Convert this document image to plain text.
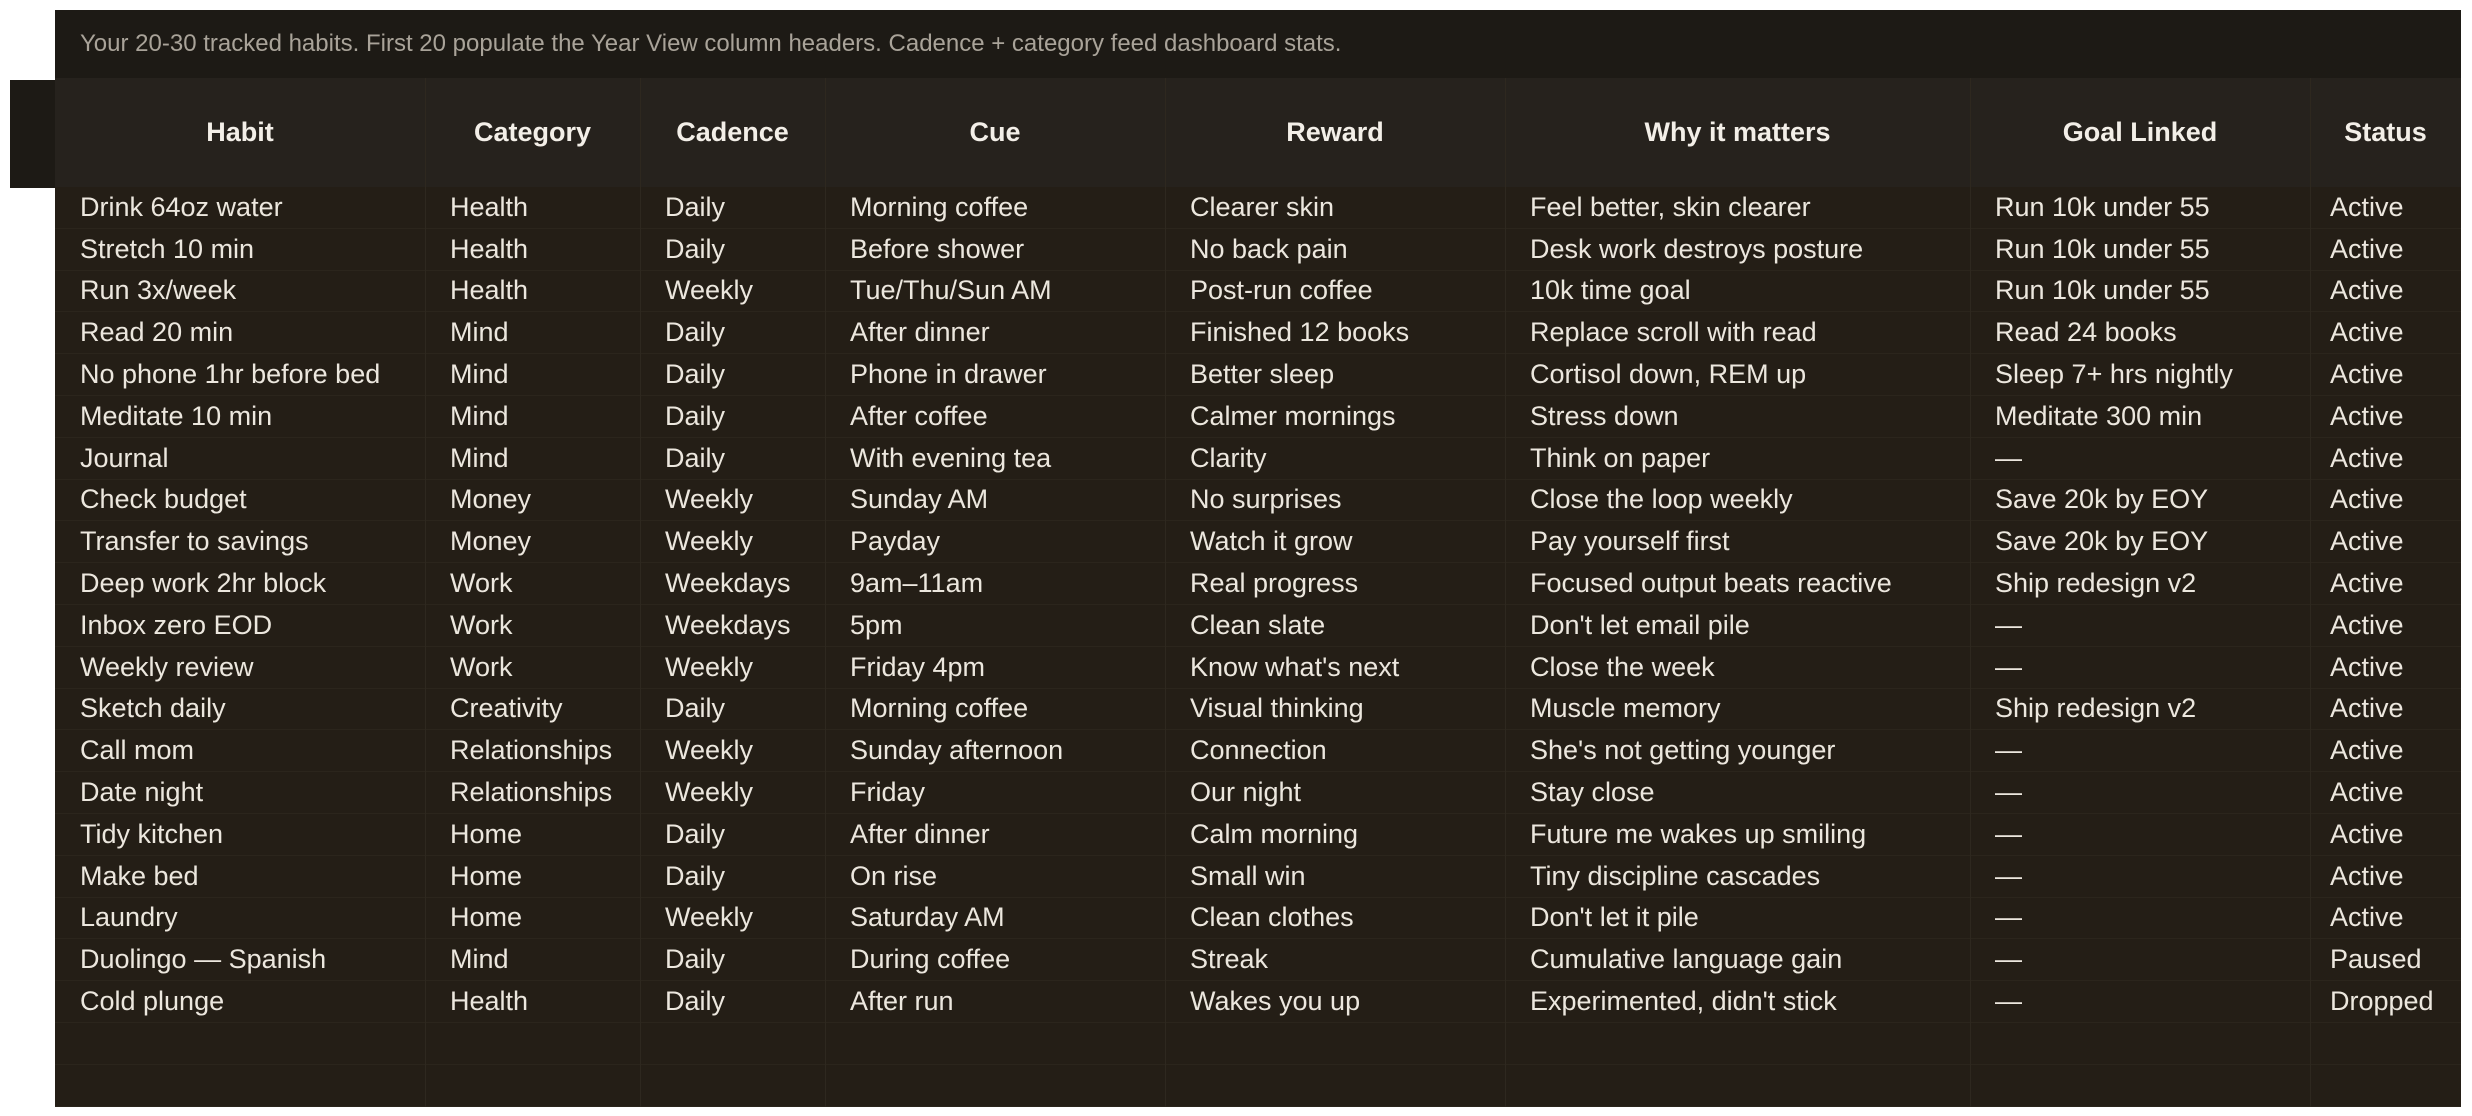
Your 20-30 tracked habits. First 20 populate the Year View column headers. Cadence + category feed dashboard stats.
Habit	Category	Cadence	Cue	Reward	Why it matters	Goal Linked	Status
Drink 64oz water	Health	Daily	Morning coffee	Clearer skin	Feel better, skin clearer	Run 10k under 55	Active
Stretch 10 min	Health	Daily	Before shower	No back pain	Desk work destroys posture	Run 10k under 55	Active
Run 3x/week	Health	Weekly	Tue/Thu/Sun AM	Post-run coffee	10k time goal	Run 10k under 55	Active
Read 20 min	Mind	Daily	After dinner	Finished 12 books	Replace scroll with read	Read 24 books	Active
No phone 1hr before bed	Mind	Daily	Phone in drawer	Better sleep	Cortisol down, REM up	Sleep 7+ hrs nightly	Active
Meditate 10 min	Mind	Daily	After coffee	Calmer mornings	Stress down	Meditate 300 min	Active
Journal	Mind	Daily	With evening tea	Clarity	Think on paper	—	Active
Check budget	Money	Weekly	Sunday AM	No surprises	Close the loop weekly	Save 20k by EOY	Active
Transfer to savings	Money	Weekly	Payday	Watch it grow	Pay yourself first	Save 20k by EOY	Active
Deep work 2hr block	Work	Weekdays	9am–11am	Real progress	Focused output beats reactive	Ship redesign v2	Active
Inbox zero EOD	Work	Weekdays	5pm	Clean slate	Don't let email pile	—	Active
Weekly review	Work	Weekly	Friday 4pm	Know what's next	Close the week	—	Active
Sketch daily	Creativity	Daily	Morning coffee	Visual thinking	Muscle memory	Ship redesign v2	Active
Call mom	Relationships	Weekly	Sunday afternoon	Connection	She's not getting younger	—	Active
Date night	Relationships	Weekly	Friday	Our night	Stay close	—	Active
Tidy kitchen	Home	Daily	After dinner	Calm morning	Future me wakes up smiling	—	Active
Make bed	Home	Daily	On rise	Small win	Tiny discipline cascades	—	Active
Laundry	Home	Weekly	Saturday AM	Clean clothes	Don't let it pile	—	Active
Duolingo — Spanish	Mind	Daily	During coffee	Streak	Cumulative language gain	—	Paused
Cold plunge	Health	Daily	After run	Wakes you up	Experimented, didn't stick	—	Dropped
